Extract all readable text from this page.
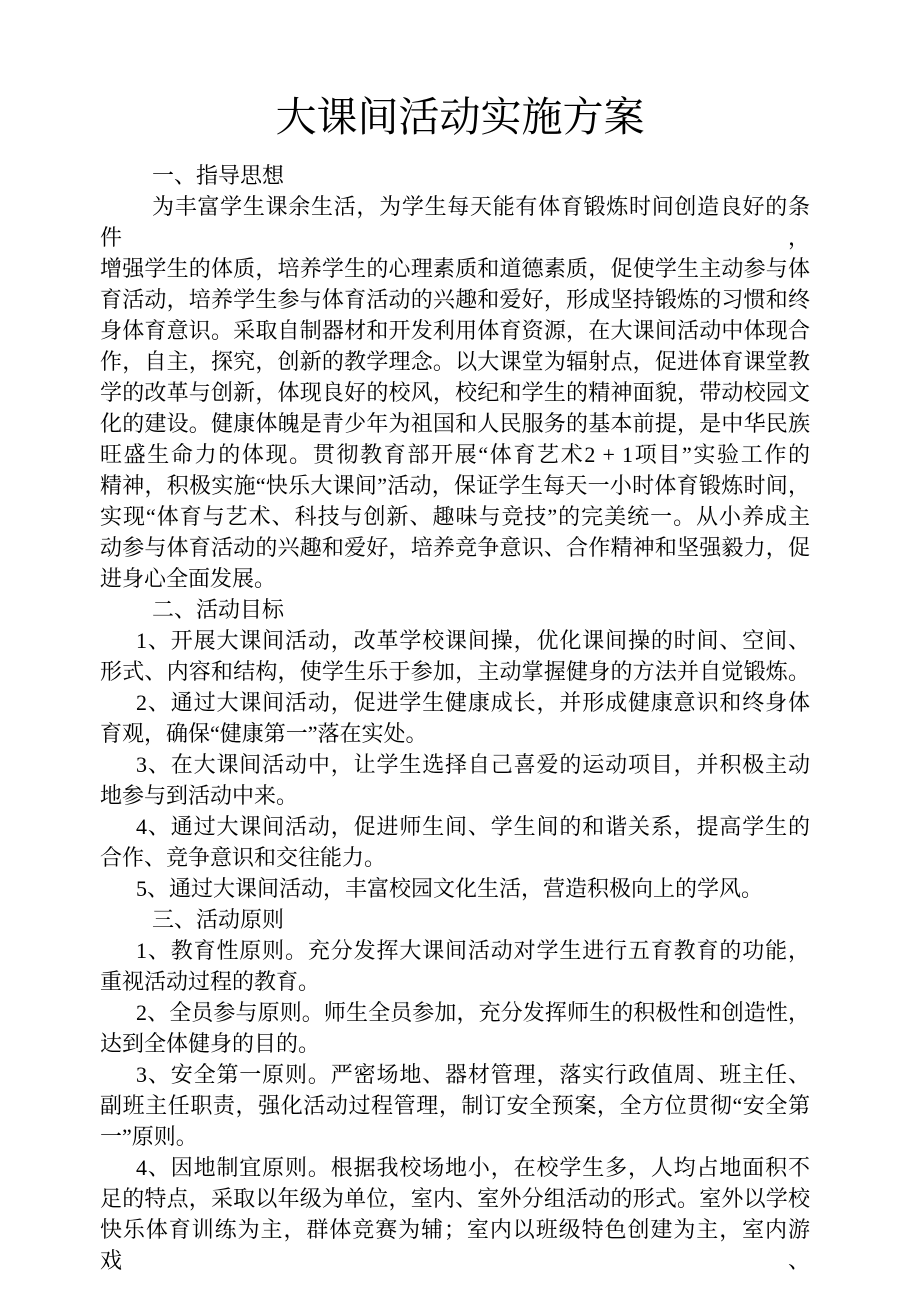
大课间活动实施方案
一、指导思想
为丰富学生课余生活，为学生每天能有体育锻炼时间创造良好的条件，
增强学生的体质，培养学生的心理素质和道德素质，促使学生主动参与体
育活动，培养学生参与体育活动的兴趣和爱好，形成坚持锻炼的习惯和终
身体育意识。采取自制器材和开发利用体育资源，在大课间活动中体现合
作，自主，探究，创新的教学理念。以大课堂为辐射点，促进体育课堂教
学的改革与创新，体现良好的校风，校纪和学生的精神面貌，带动校园文
化的建设。健康体魄是青少年为祖国和人民服务的基本前提，是中华民族
旺盛生命力的体现。贯彻教育部开展“体育艺术2 + 1项目”实验工作的
精神，积极实施“快乐大课间”活动，保证学生每天一小时体育锻炼时间，
实现“体育与艺术、科技与创新、趣味与竞技”的完美统一。从小养成主
动参与体育活动的兴趣和爱好，培养竞争意识、合作精神和坚强毅力，促
进身心全面发展。
二、活动目标
1、开展大课间活动，改革学校课间操，优化课间操的时间、空间、
形式、内容和结构，使学生乐于参加，主动掌握健身的方法并自觉锻炼。
2、通过大课间活动，促进学生健康成长，并形成健康意识和终身体
育观，确保“健康第一”落在实处。
3、在大课间活动中，让学生选择自己喜爱的运动项目，并积极主动
地参与到活动中来。
4、通过大课间活动，促进师生间、学生间的和谐关系，提高学生的
合作、竞争意识和交往能力。
5、通过大课间活动，丰富校园文化生活，营造积极向上的学风。
三、活动原则
1、教育性原则。充分发挥大课间活动对学生进行五育教育的功能，
重视活动过程的教育。
2、全员参与原则。师生全员参加，充分发挥师生的积极性和创造性，
达到全体健身的目的。
3、安全第一原则。严密场地、器材管理，落实行政值周、班主任、
副班主任职责，强化活动过程管理，制订安全预案，全方位贯彻“安全第
一”原则。
4、因地制宜原则。根据我校场地小，在校学生多，人均占地面积不
足的特点，采取以年级为单位，室内、室外分组活动的形式。室外以学校
快乐体育训练为主，群体竞赛为辅；室内以班级特色创建为主，室内游戏、
